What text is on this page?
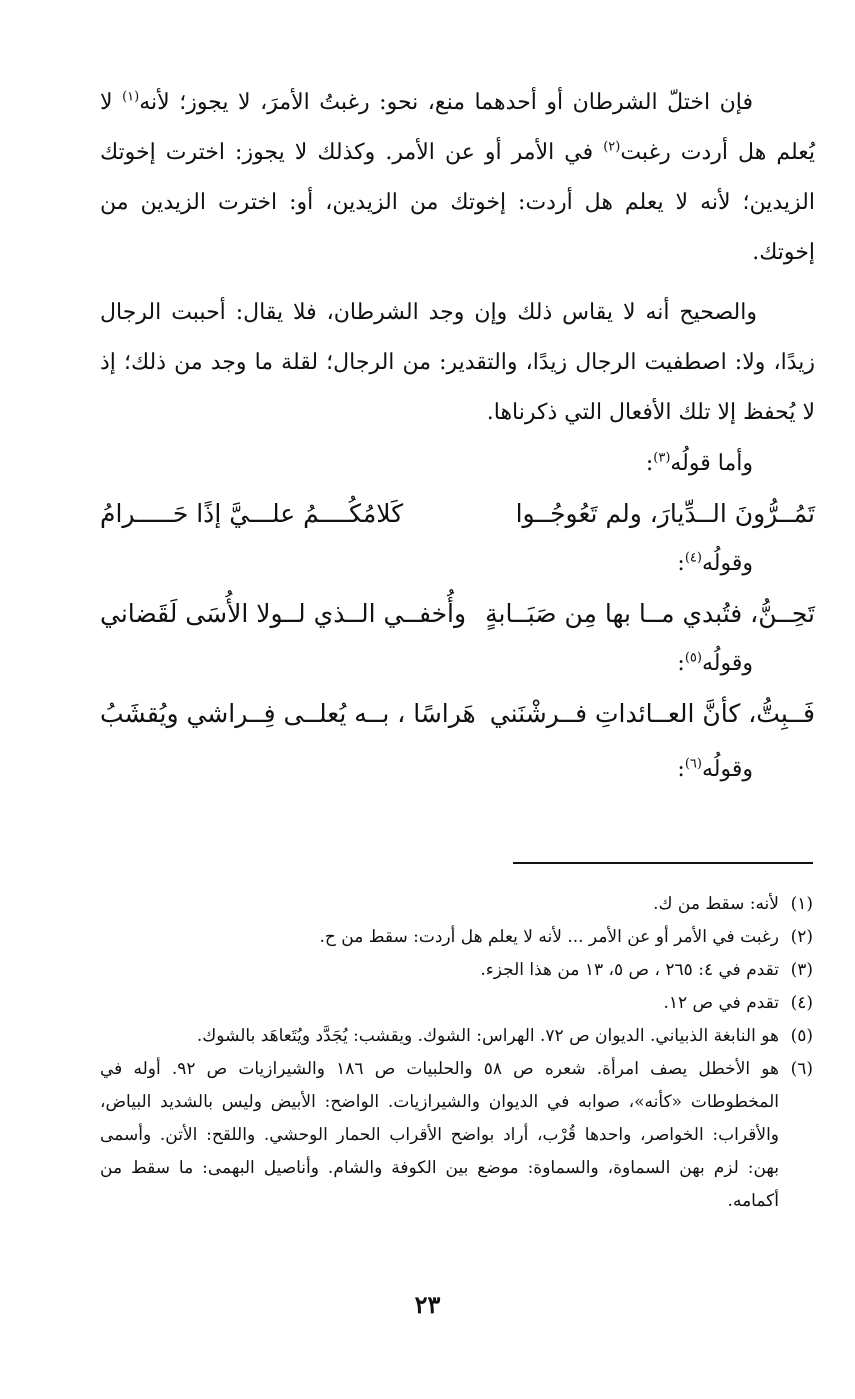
فإن اختلّ الشرطان أو أحدهما منع، نحو: رغبتُ الأمرَ، لا يجوز؛ لأنه$^{(١)}$ لا يُعلم هل أردت رغبت$^{(٢)}$ في الأمر أو عن الأمر. وكذلك لا يجوز: اخترت إخوتك الزيدين؛ لأنه لا يعلم هل أردت: إخوتك من الزيدين، أو: اخترت الزيدين من إخوتك.

والصحيح أنه لا يقاس ذلك وإن وجد الشرطان، فلا يقال: أحببت الرجال زيدًا، ولا: اصطفيت الرجال زيدًا، والتقدير: من الرجال؛ لقلة ما وجد من ذلك؛ إذ لا يُحفظ إلا تلك الأفعال التي ذكرناها.

وأما قولُه$^{(٣)}$:

تَمُــرُّونَ الــدِّيارَ، ولم تَعُوجُــوا
كَلامُكُــــمُ علـــيَّ إذًا حَـــــرامُ

وقولُه$^{(٤)}$:

تَحِــنُّ، فتُبدي مــا بها مِن صَبَــابةٍ
وأُخفــي الــذي لــولا الأُسَى لَقَضاني

وقولُه$^{(٥)}$:

فَــبِتُّ، كأنَّ العــائداتِ فــرشْنَني
هَراسًا ، بــه يُعلــى فِــراشي ويُقشَبُ

وقولُه$^{(٦)}$:

(١)
لأنه: سقط من ك.

(٢)
رغبت في الأمر أو عن الأمر ... لأنه لا يعلم هل أردت: سقط من ح.

(٣)
تقدم في ٤: ٢٦٥ ، ص ٥، ١٣ من هذا الجزء.

(٤)
تقدم في ص ١٢.

(٥)
هو النابغة الذبياني. الديوان ص ٧٢. الهراس: الشوك. ويقشب: يُجَدَّد ويُتَعاهَد بالشوك.

(٦)
هو الأخطل يصف امرأة. شعره ص ٥٨ والحلبيات ص ١٨٦ والشيرازيات ص ٩٢. أوله في المخطوطات «كأنه»، صوابه في الديوان والشيرازيات. الواضح: الأبيض وليس بالشديد البياض، والأقراب: الخواصر، واحدها قُرْب، أراد بواضح الأقراب الحمار الوحشي. واللقح: الأتن. وأسمى بهن: لزم بهن السماوة، والسماوة: موضع بين الكوفة والشام. وأناصيل البهمى: ما سقط من أكمامه.

٢٣
